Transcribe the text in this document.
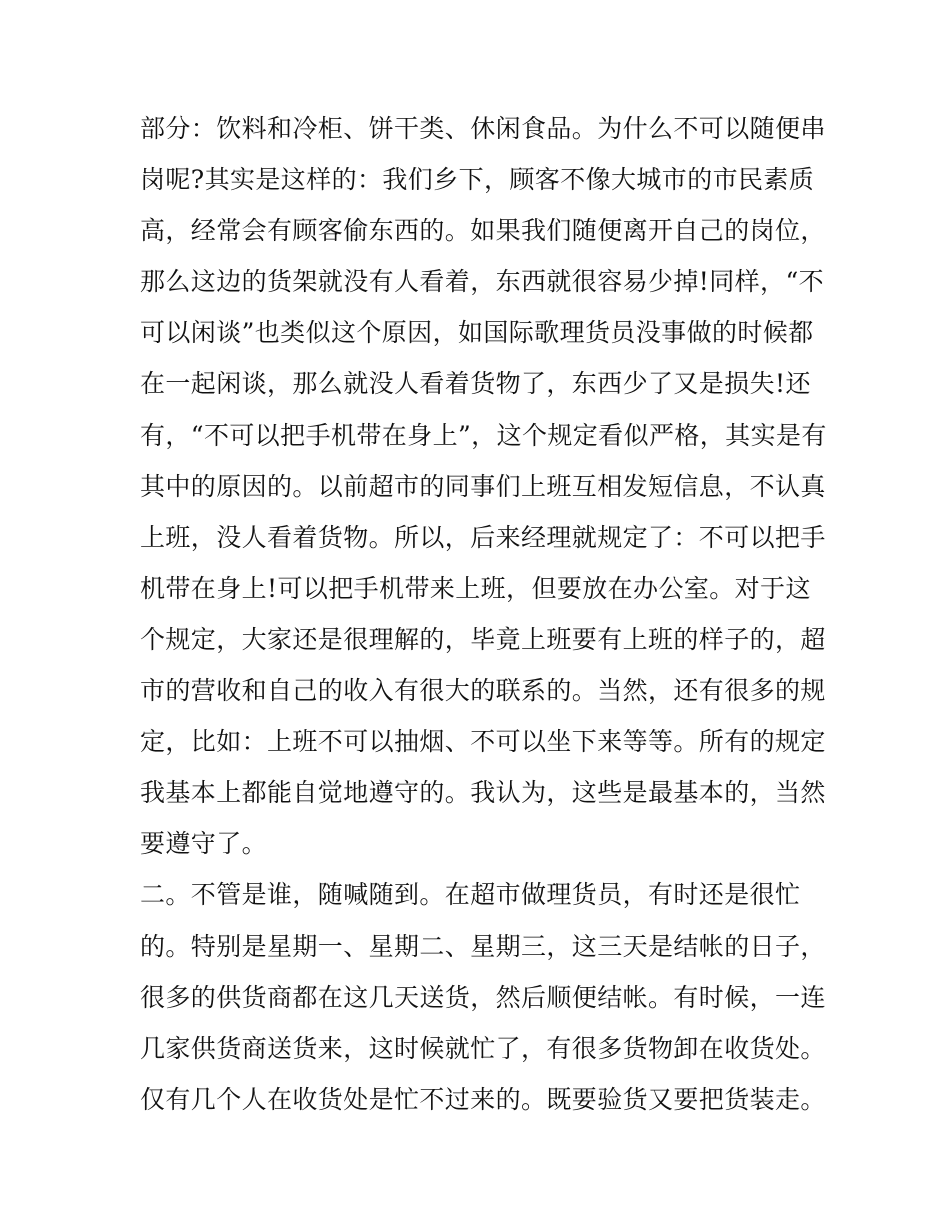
部分：饮料和冷柜、饼干类、休闲食品。为什么不可以随便串
岗呢?其实是这样的：我们乡下，顾客不像大城市的市民素质
高，经常会有顾客偷东西的。如果我们随便离开自己的岗位，
那么这边的货架就没有人看着，东西就很容易少掉!同样，“不
可以闲谈”也类似这个原因，如国际歌理货员没事做的时候都
在一起闲谈，那么就没人看着货物了，东西少了又是损失!还
有，“不可以把手机带在身上”，这个规定看似严格，其实是有
其中的原因的。以前超市的同事们上班互相发短信息，不认真
上班，没人看着货物。所以，后来经理就规定了：不可以把手
机带在身上!可以把手机带来上班，但要放在办公室。对于这
个规定，大家还是很理解的，毕竟上班要有上班的样子的，超
市的营收和自己的收入有很大的联系的。当然，还有很多的规
定，比如：上班不可以抽烟、不可以坐下来等等。所有的规定
我基本上都能自觉地遵守的。我认为，这些是最基本的，当然
要遵守了。
二。不管是谁，随喊随到。在超市做理货员，有时还是很忙
的。特别是星期一、星期二、星期三，这三天是结帐的日子，
很多的供货商都在这几天送货，然后顺便结帐。有时候，一连
几家供货商送货来，这时候就忙了，有很多货物卸在收货处。
仅有几个人在收货处是忙不过来的。既要验货又要把货装走。
